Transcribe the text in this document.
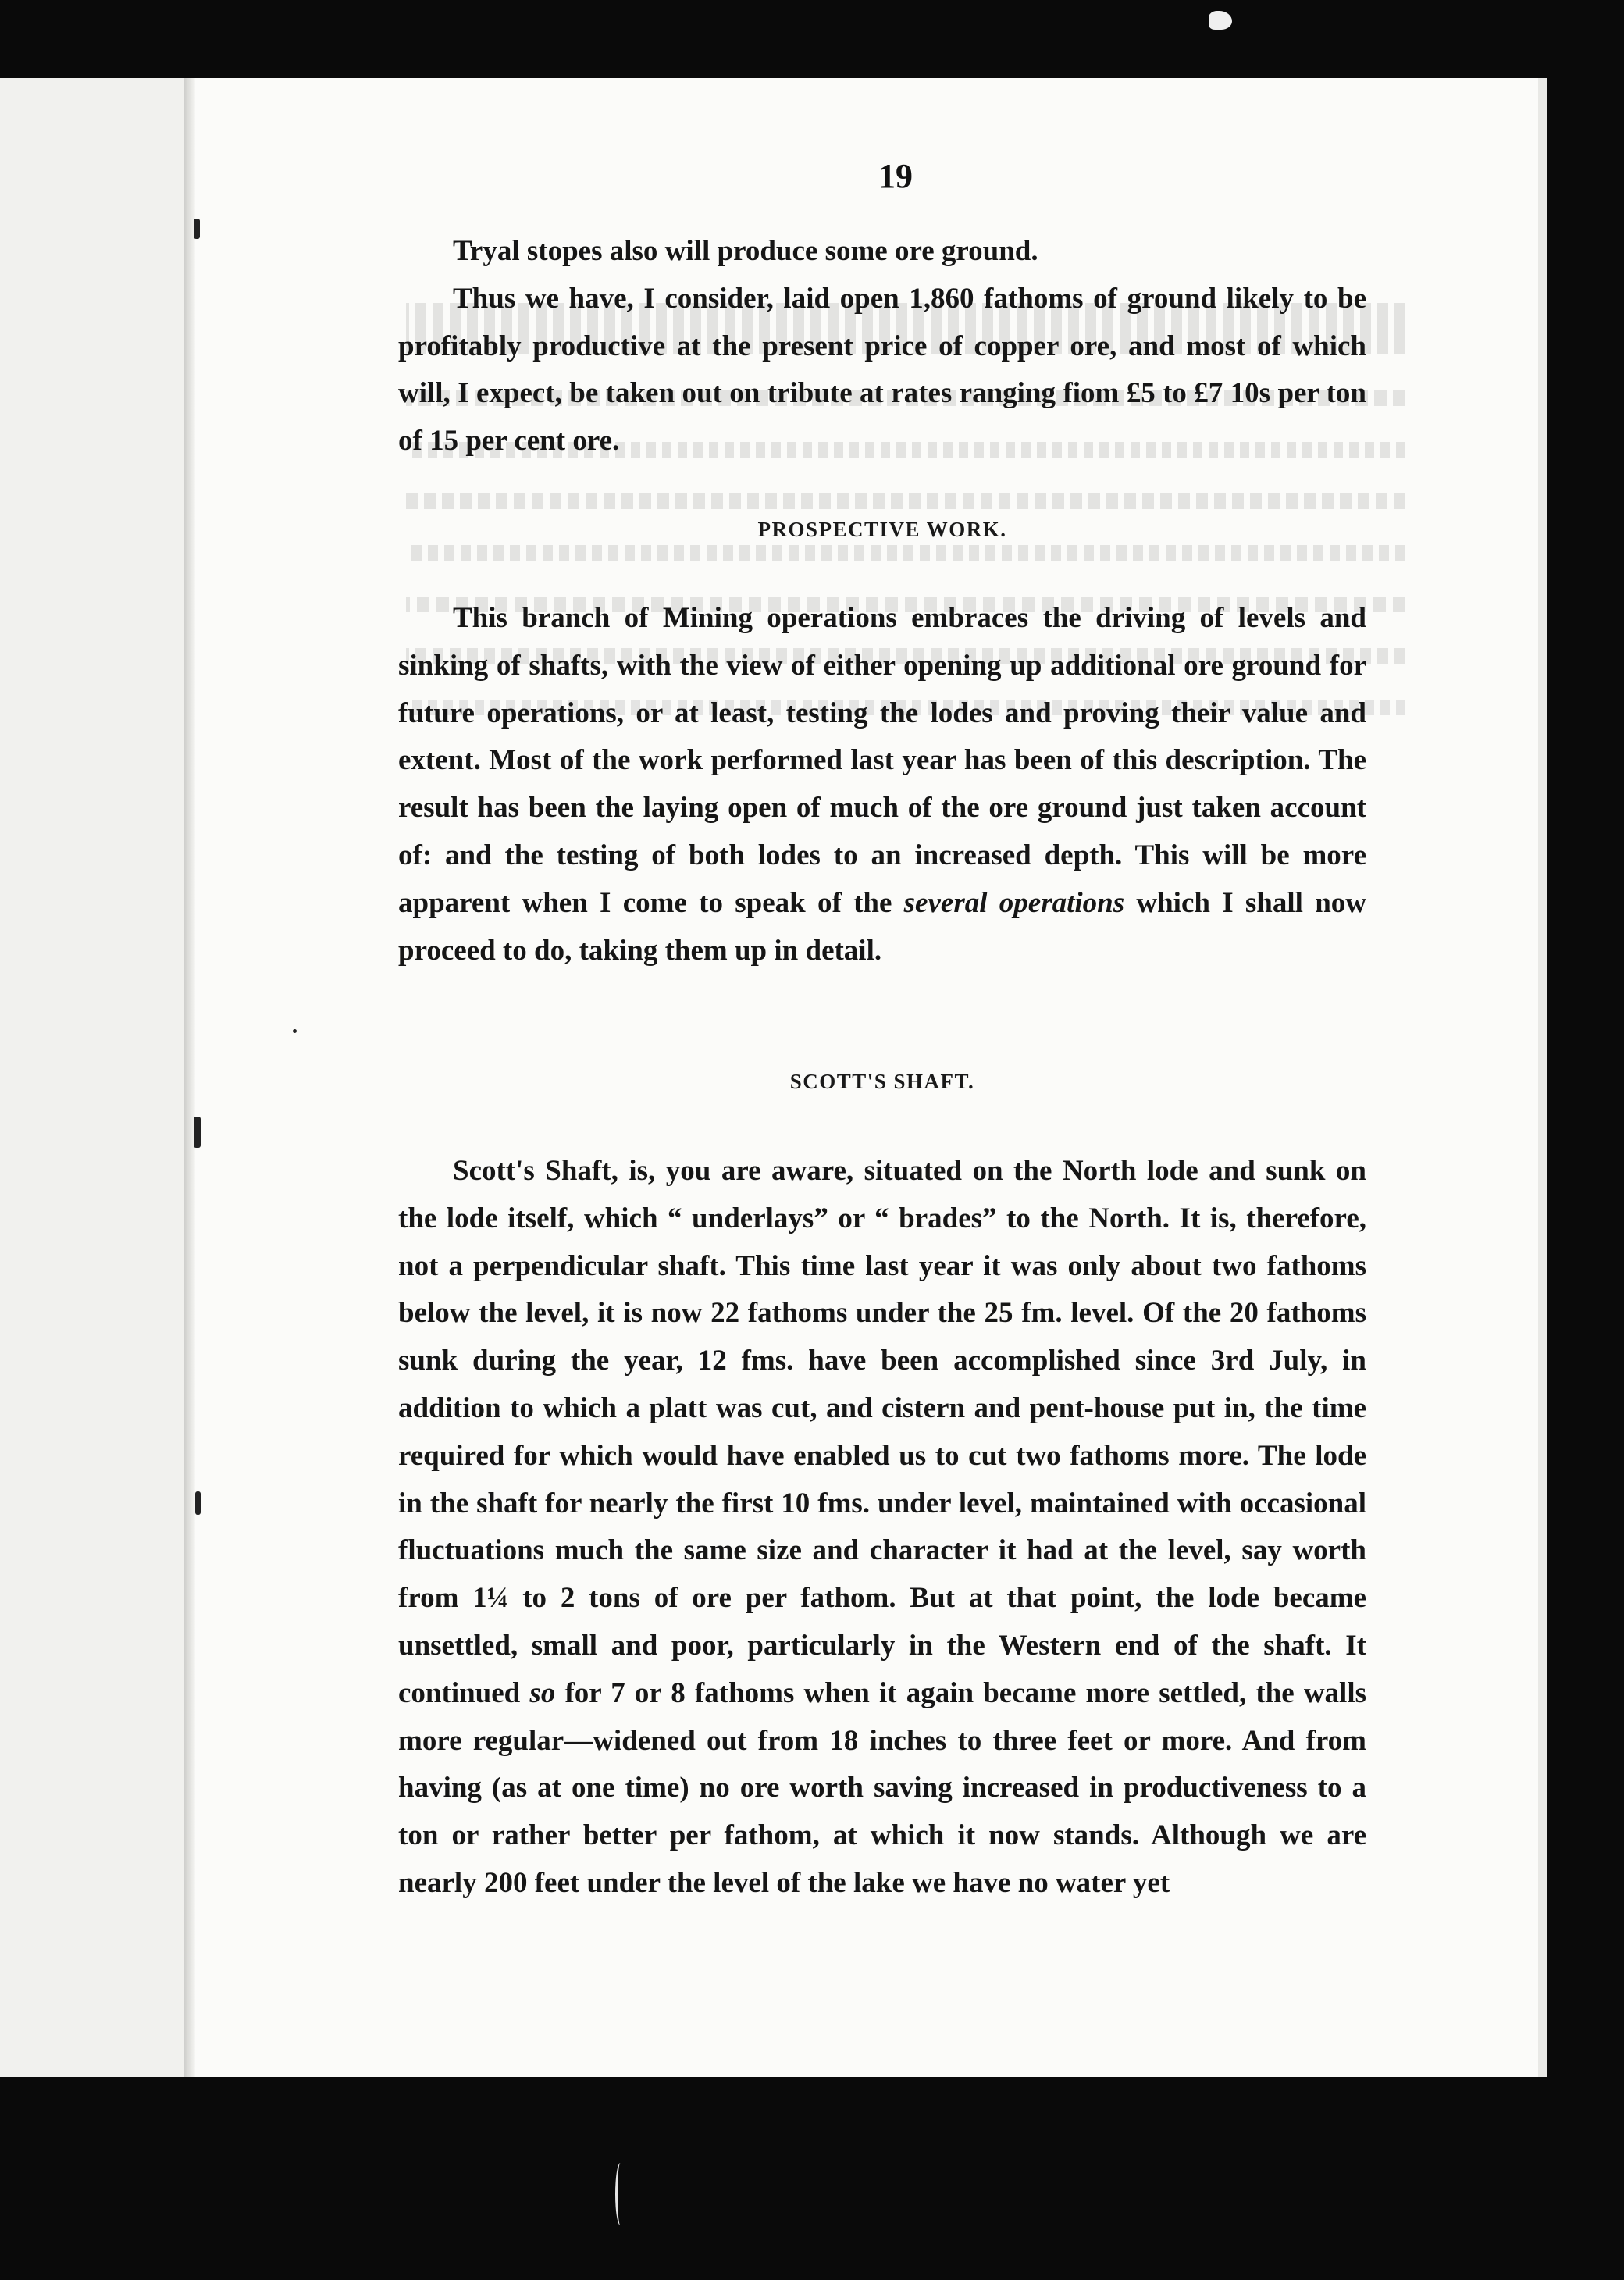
19

Tryal stopes also will produce some ore ground.

Thus we have, I consider, laid open 1,860 fathoms of ground likely to be profitably productive at the present price of copper ore, and most of which will, I expect, be taken out on tribute at rates ranging fiom £5 to £7 10s per ton of 15 per cent ore.

PROSPECTIVE WORK.

This branch of Mining operations embraces the driving of levels and sinking of shafts, with the view of either opening up additional ore ground for future operations, or at least, testing the lodes and proving their value and extent. Most of the work performed last year has been of this description. The result has been the laying open of much of the ore ground just taken account of: and the testing of both lodes to an increased depth. This will be more apparent when I come to speak of the several operations which I shall now proceed to do, taking them up in detail.

SCOTT'S SHAFT.

Scott's Shaft, is, you are aware, situated on the North lode and sunk on the lode itself, which “ underlays” or “ brades” to the North. It is, therefore, not a perpendicular shaft. This time last year it was only about two fathoms below the level, it is now 22 fathoms under the 25 fm. level. Of the 20 fathoms sunk during the year, 12 fms. have been accomplished since 3rd July, in addition to which a platt was cut, and cistern and pent-house put in, the time required for which would have enabled us to cut two fathoms more. The lode in the shaft for nearly the first 10 fms. under level, maintained with occasional fluctuations much the same size and character it had at the level, say worth from 1¼ to 2 tons of ore per fathom. But at that point, the lode became unsettled, small and poor, particularly in the Western end of the shaft. It continued so for 7 or 8 fathoms when it again became more settled, the walls more regular—widened out from 18 inches to three feet or more. And from having (as at one time) no ore worth saving increased in productiveness to a ton or rather better per fathom, at which it now stands. Although we are nearly 200 feet under the level of the lake we have no water yet
